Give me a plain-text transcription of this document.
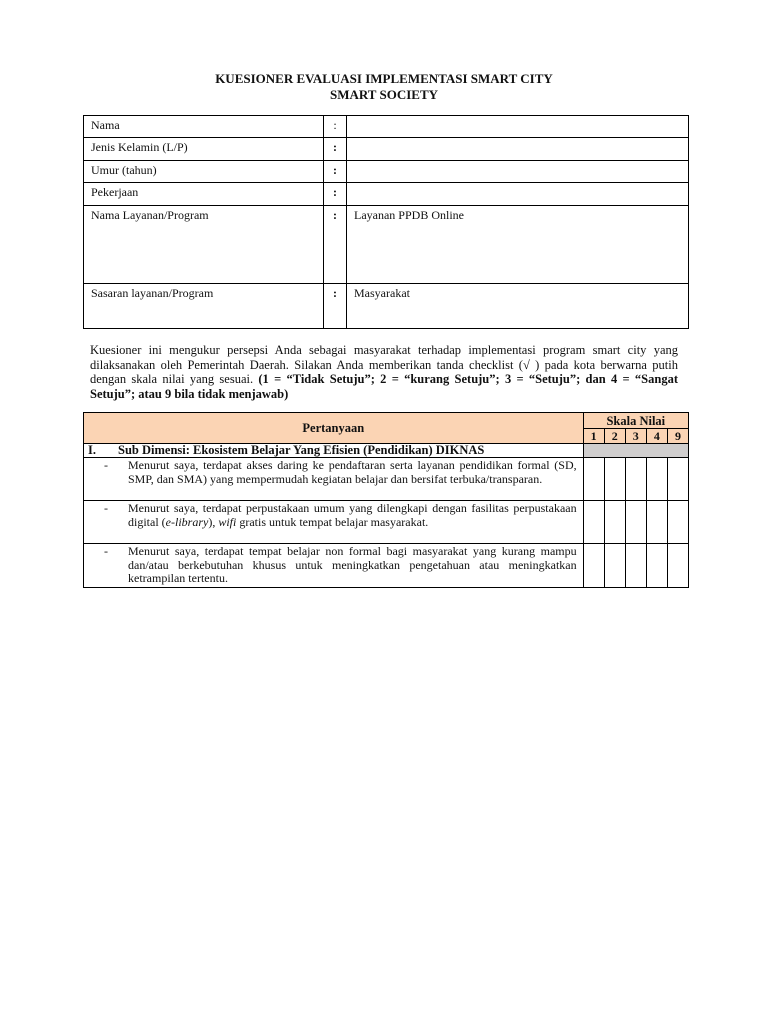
KUESIONER EVALUASI IMPLEMENTASI SMART CITY
SMART SOCIETY
Nama	:	
Jenis Kelamin (L/P)	:	
Umur (tahun)	:	
Pekerjaan	:	
Nama Layanan/Program	:	Layanan PPDB Online
Sasaran layanan/Program	:	Masyarakat
Kuesioner ini mengukur persepsi Anda sebagai masyarakat terhadap implementasi program smart city yang dilaksanakan oleh Pemerintah Daerah. Silakan Anda memberikan tanda checklist (√ ) pada kota berwarna putih dengan skala nilai yang sesuai. (1 = “Tidak Setuju”; 2 = “kurang Setuju”; 3 = “Setuju”; dan 4 = “Sangat Setuju”; atau 9 bila tidak menjawab)
Pertanyaan	Skala Nilai				
	1	2	3	4	9
I. Sub Dimensi: Ekosistem Belajar Yang Efisien (Pendidikan) DIKNAS					

- Menurut saya, terdapat akses daring ke pendaftaran serta layanan pendidikan formal (SD, SMP, dan SMA) yang mempermudah kegiatan belajar dan bersifat terbuka/transparan.					

- Menurut saya, terdapat perpustakaan umum yang dilengkapi dengan fasilitas perpustakaan digital (e-library), wifi gratis untuk tempat belajar masyarakat.					

- Menurut saya, terdapat tempat belajar non formal bagi masyarakat yang kurang mampu dan/atau berkebutuhan khusus untuk meningkatkan pengetahuan atau meningkatkan ketrampilan tertentu.					
